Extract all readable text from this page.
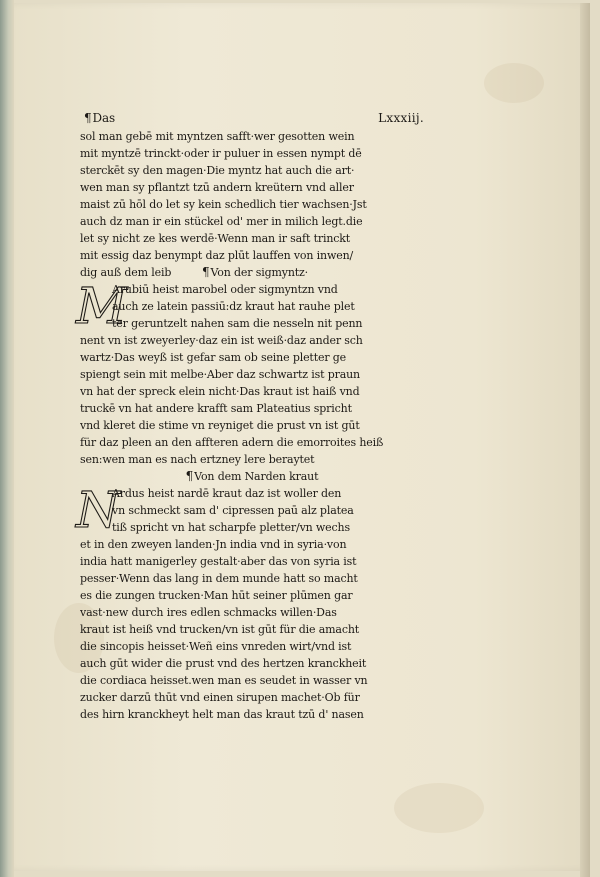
¶Das	Lxxxiij.
sol man gebē mit myntzen safft·wer gesotten wein
mit myntzē trinckt·oder ir puluer in essen nympt dē
sterckēt sy den magen·Die myntz hat auch die art·
wen man sy pflantzt tzū andern kreütern vnd aller
maist zū hōl do let sy kein schedlich tier wachsen·Jst
auch dz man ir ein stückel od' mer in milich legt.die
let sy nicht ze kes werdē·Wenn man ir saft trinckt
mit essig daz benympt daz plūt lauffen von inwen/
dig auß dem leib	¶Von der sigmyntz·
M
Arubiū heist marobel oder sigmyntzn vnd
auch ze latein passiū:dz kraut hat rauhe plet
ter geruntzelt nahen sam die nesseln nit penn
nent vn ist zweyerley·daz ein ist weiß·daz ander sch
wartz·Das weyß ist gefar sam ob seine pletter ge
spiengt sein mit melbe·Aber daz schwartz ist praun
vn hat der spreck elein nicht·Das kraut ist haiß vnd
truckē vn hat andere krafft sam Plateatius spricht
vnd kleret die stime vn reyniget die prust vn ist gūt
für daz pleen an den affteren adern die emorroites heiß
sen:wen man es nach ertzney lere beraytet
¶Von dem Narden kraut
N
Ardus heist nardē kraut daz ist woller den
vn schmeckt sam d' cipressen paū alz platea
tiß spricht vn hat scharpfe pletter/vn wechs
et in den zweyen landen·Jn india vnd in syria·von
india hatt manigerley gestalt·aber das von syria ist
pesser·Wenn das lang in dem munde hatt so macht
es die zungen trucken·Man hūt seiner plūmen gar
vast·new durch ires edlen schmacks willen·Das
kraut ist heiß vnd trucken/vn ist gūt für die amacht
die sincopis heisset·Weñ eins vnreden wirt/vnd ist
auch gūt wider die prust vnd des hertzen kranckheit
die cordiaca heisset.wen man es seudet in wasser vn
zucker darzū thūt vnd einen sirupen machet·Ob für
des hirn kranckheyt helt man das kraut tzū d' nasen
